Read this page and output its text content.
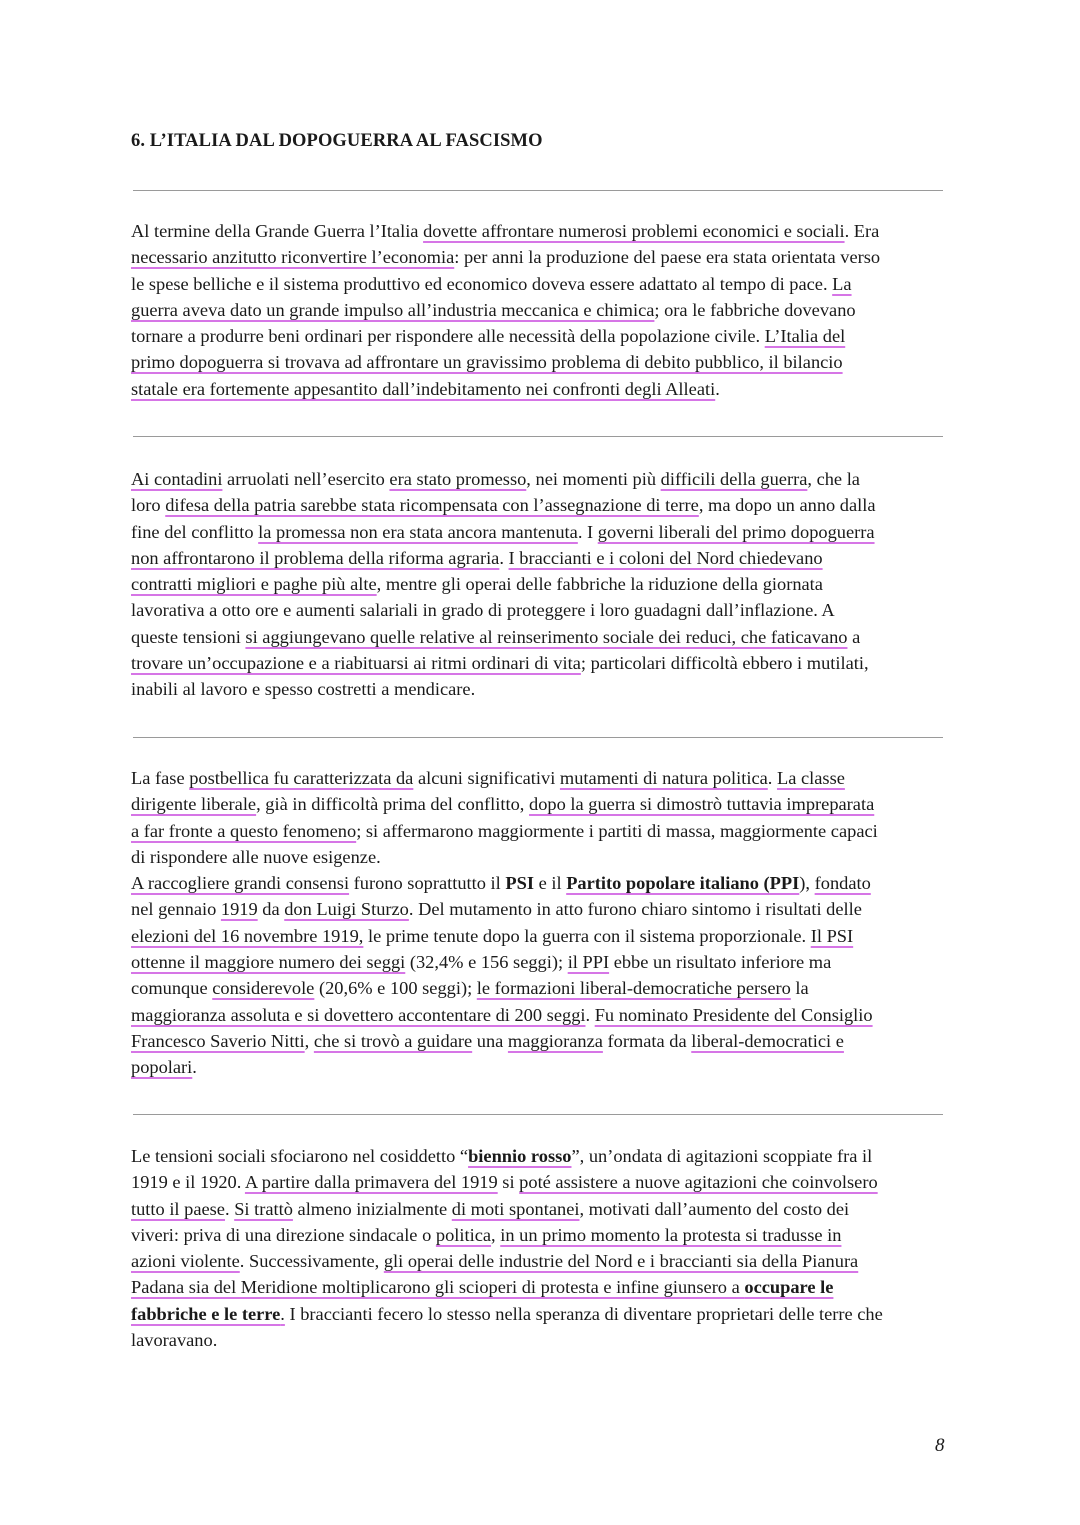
6. L’ITALIA DAL DOPOGUERRA AL FASCISMO
Al termine della Grande Guerra l’Italia dovette affrontare numerosi problemi economici e sociali. Era
necessario anzitutto riconvertire l’economia: per anni la produzione del paese era stata orientata verso
le spese belliche e il sistema produttivo ed economico doveva essere adattato al tempo di pace. La
guerra aveva dato un grande impulso all’industria meccanica e chimica; ora le fabbriche dovevano
tornare a produrre beni ordinari per rispondere alle necessità della popolazione civile. L’Italia del
primo dopoguerra si trovava ad affrontare un gravissimo problema di debito pubblico, il bilancio
statale era fortemente appesantito dall’indebitamento nei confronti degli Alleati.
Ai contadini arruolati nell’esercito era stato promesso, nei momenti più difficili della guerra, che la
loro difesa della patria sarebbe stata ricompensata con l’assegnazione di terre, ma dopo un anno dalla
fine del conflitto la promessa non era stata ancora mantenuta. I governi liberali del primo dopoguerra
non affrontarono il problema della riforma agraria. I braccianti e i coloni del Nord chiedevano
contratti migliori e paghe più alte, mentre gli operai delle fabbriche la riduzione della giornata
lavorativa a otto ore e aumenti salariali in grado di proteggere i loro guadagni dall’inflazione. A
queste tensioni si aggiungevano quelle relative al reinserimento sociale dei reduci, che faticavano a
trovare un’occupazione e a riabituarsi ai ritmi ordinari di vita; particolari difficoltà ebbero i mutilati,
inabili al lavoro e spesso costretti a mendicare.
La fase postbellica fu caratterizzata da alcuni significativi mutamenti di natura politica. La classe
dirigente liberale, già in difficoltà prima del conflitto, dopo la guerra si dimostrò tuttavia impreparata
a far fronte a questo fenomeno; si affermarono maggiormente i partiti di massa, maggiormente capaci
di rispondere alle nuove esigenze.
A raccogliere grandi consensi furono soprattutto il PSI e il Partito popolare italiano (PPI), fondato
nel gennaio 1919 da don Luigi Sturzo. Del mutamento in atto furono chiaro sintomo i risultati delle
elezioni del 16 novembre 1919, le prime tenute dopo la guerra con il sistema proporzionale. Il PSI
ottenne il maggiore numero dei seggi (32,4% e 156 seggi); il PPI ebbe un risultato inferiore ma
comunque considerevole (20,6% e 100 seggi); le formazioni liberal-democratiche persero la
maggioranza assoluta e si dovettero accontentare di 200 seggi. Fu nominato Presidente del Consiglio
Francesco Saverio Nitti, che si trovò a guidare una maggioranza formata da liberal-democratici e
popolari.
Le tensioni sociali sfociarono nel cosiddetto “biennio rosso”, un’ondata di agitazioni scoppiate fra il
1919 e il 1920. A partire dalla primavera del 1919 si poté assistere a nuove agitazioni che coinvolsero
tutto il paese. Si trattò almeno inizialmente di moti spontanei, motivati dall’aumento del costo dei
viveri: priva di una direzione sindacale o politica, in un primo momento la protesta si tradusse in
azioni violente. Successivamente, gli operai delle industrie del Nord e i braccianti sia della Pianura
Padana sia del Meridione moltiplicarono gli scioperi di protesta e infine giunsero a occupare le
fabbriche e le terre. I braccianti fecero lo stesso nella speranza di diventare proprietari delle terre che
lavoravano.
8
